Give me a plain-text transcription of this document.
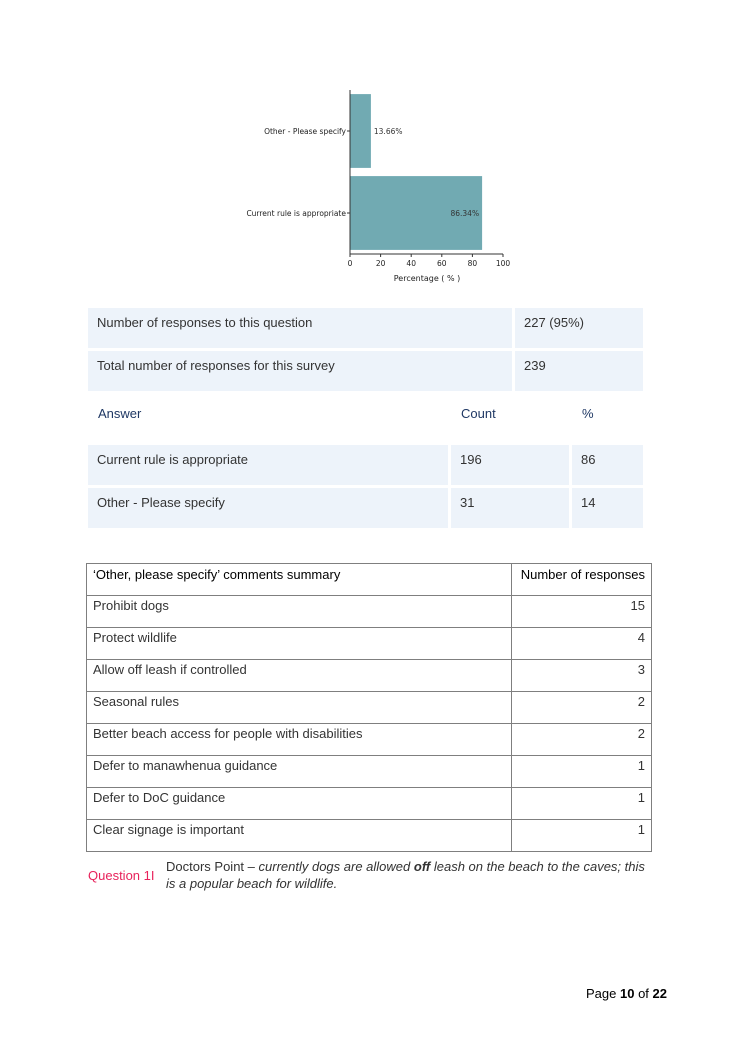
Other - Please specify	13.66%
Current rule is appropriate	86.34%
0	20	40	60	80 100
Percentage ( % )
Number of responses to this question	227 (95%)
Total number of responses for this survey	239
Answer	Count	%
Current rule is appropriate	196	86
Other - Please specify	31	14
‘Other, please specify’ comments summary	Number of responses
Prohibit dogs	15
Protect wildlife	4
Allow off leash if controlled	3
Seasonal rules	2
Better beach access for people with disabilities	2
Defer to manawhenua guidance	1
Defer to DoC guidance	1
Clear signage is important	1
Question 1I
Doctors Point – currently dogs are allowed off leash on the beach to the caves; this is a popular beach for wildlife.
Page 10 of 22
